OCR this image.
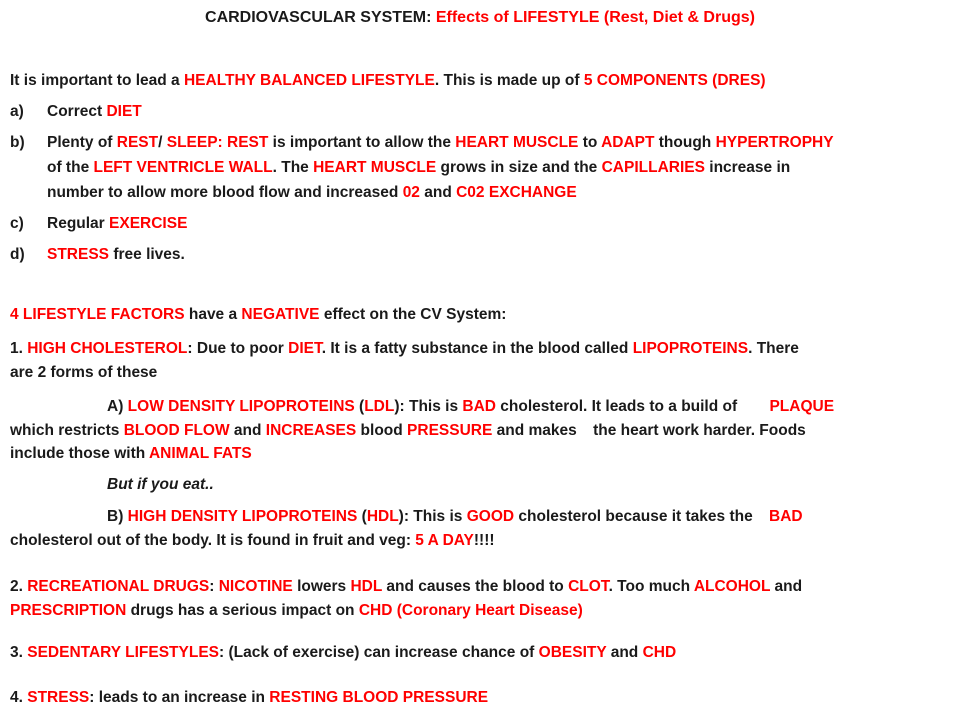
CARDIOVASCULAR SYSTEM: Effects of LIFESTYLE (Rest, Diet & Drugs)
It is important to lead a HEALTHY BALANCED LIFESTYLE. This is made up of 5 COMPONENTS (DRES)
a) Correct DIET
b) Plenty of REST/ SLEEP: REST is important to allow the HEART MUSCLE to ADAPT though HYPERTROPHY
of the LEFT VENTRICLE WALL. The HEART MUSCLE grows in size and the CAPILLARIES increase in
number to allow more blood flow and increased 02 and C02 EXCHANGE
c) Regular EXERCISE
d) STRESS free lives.
4 LIFESTYLE FACTORS have a NEGATIVE effect on the CV System:
1. HIGH CHOLESTEROL: Due to poor DIET. It is a fatty substance in the blood called LIPOPROTEINS. There
are 2 forms of these
A) LOW DENSITY LIPOPROTEINS (LDL): This is BAD cholesterol. It leads to a build of PLAQUE
which restricts BLOOD FLOW and INCREASES blood PRESSURE and makes the heart work harder. Foods
include those with ANIMAL FATS
But if you eat..
B) HIGH DENSITY LIPOPROTEINS (HDL): This is GOOD cholesterol because it takes the BAD
cholesterol out of the body. It is found in fruit and veg: 5 A DAY!!!!
2. RECREATIONAL DRUGS: NICOTINE lowers HDL and causes the blood to CLOT. Too much ALCOHOL and
PRESCRIPTION drugs has a serious impact on CHD (Coronary Heart Disease)
3. SEDENTARY LIFESTYLES: (Lack of exercise) can increase chance of OBESITY and CHD
4. STRESS: leads to an increase in RESTING BLOOD PRESSURE
